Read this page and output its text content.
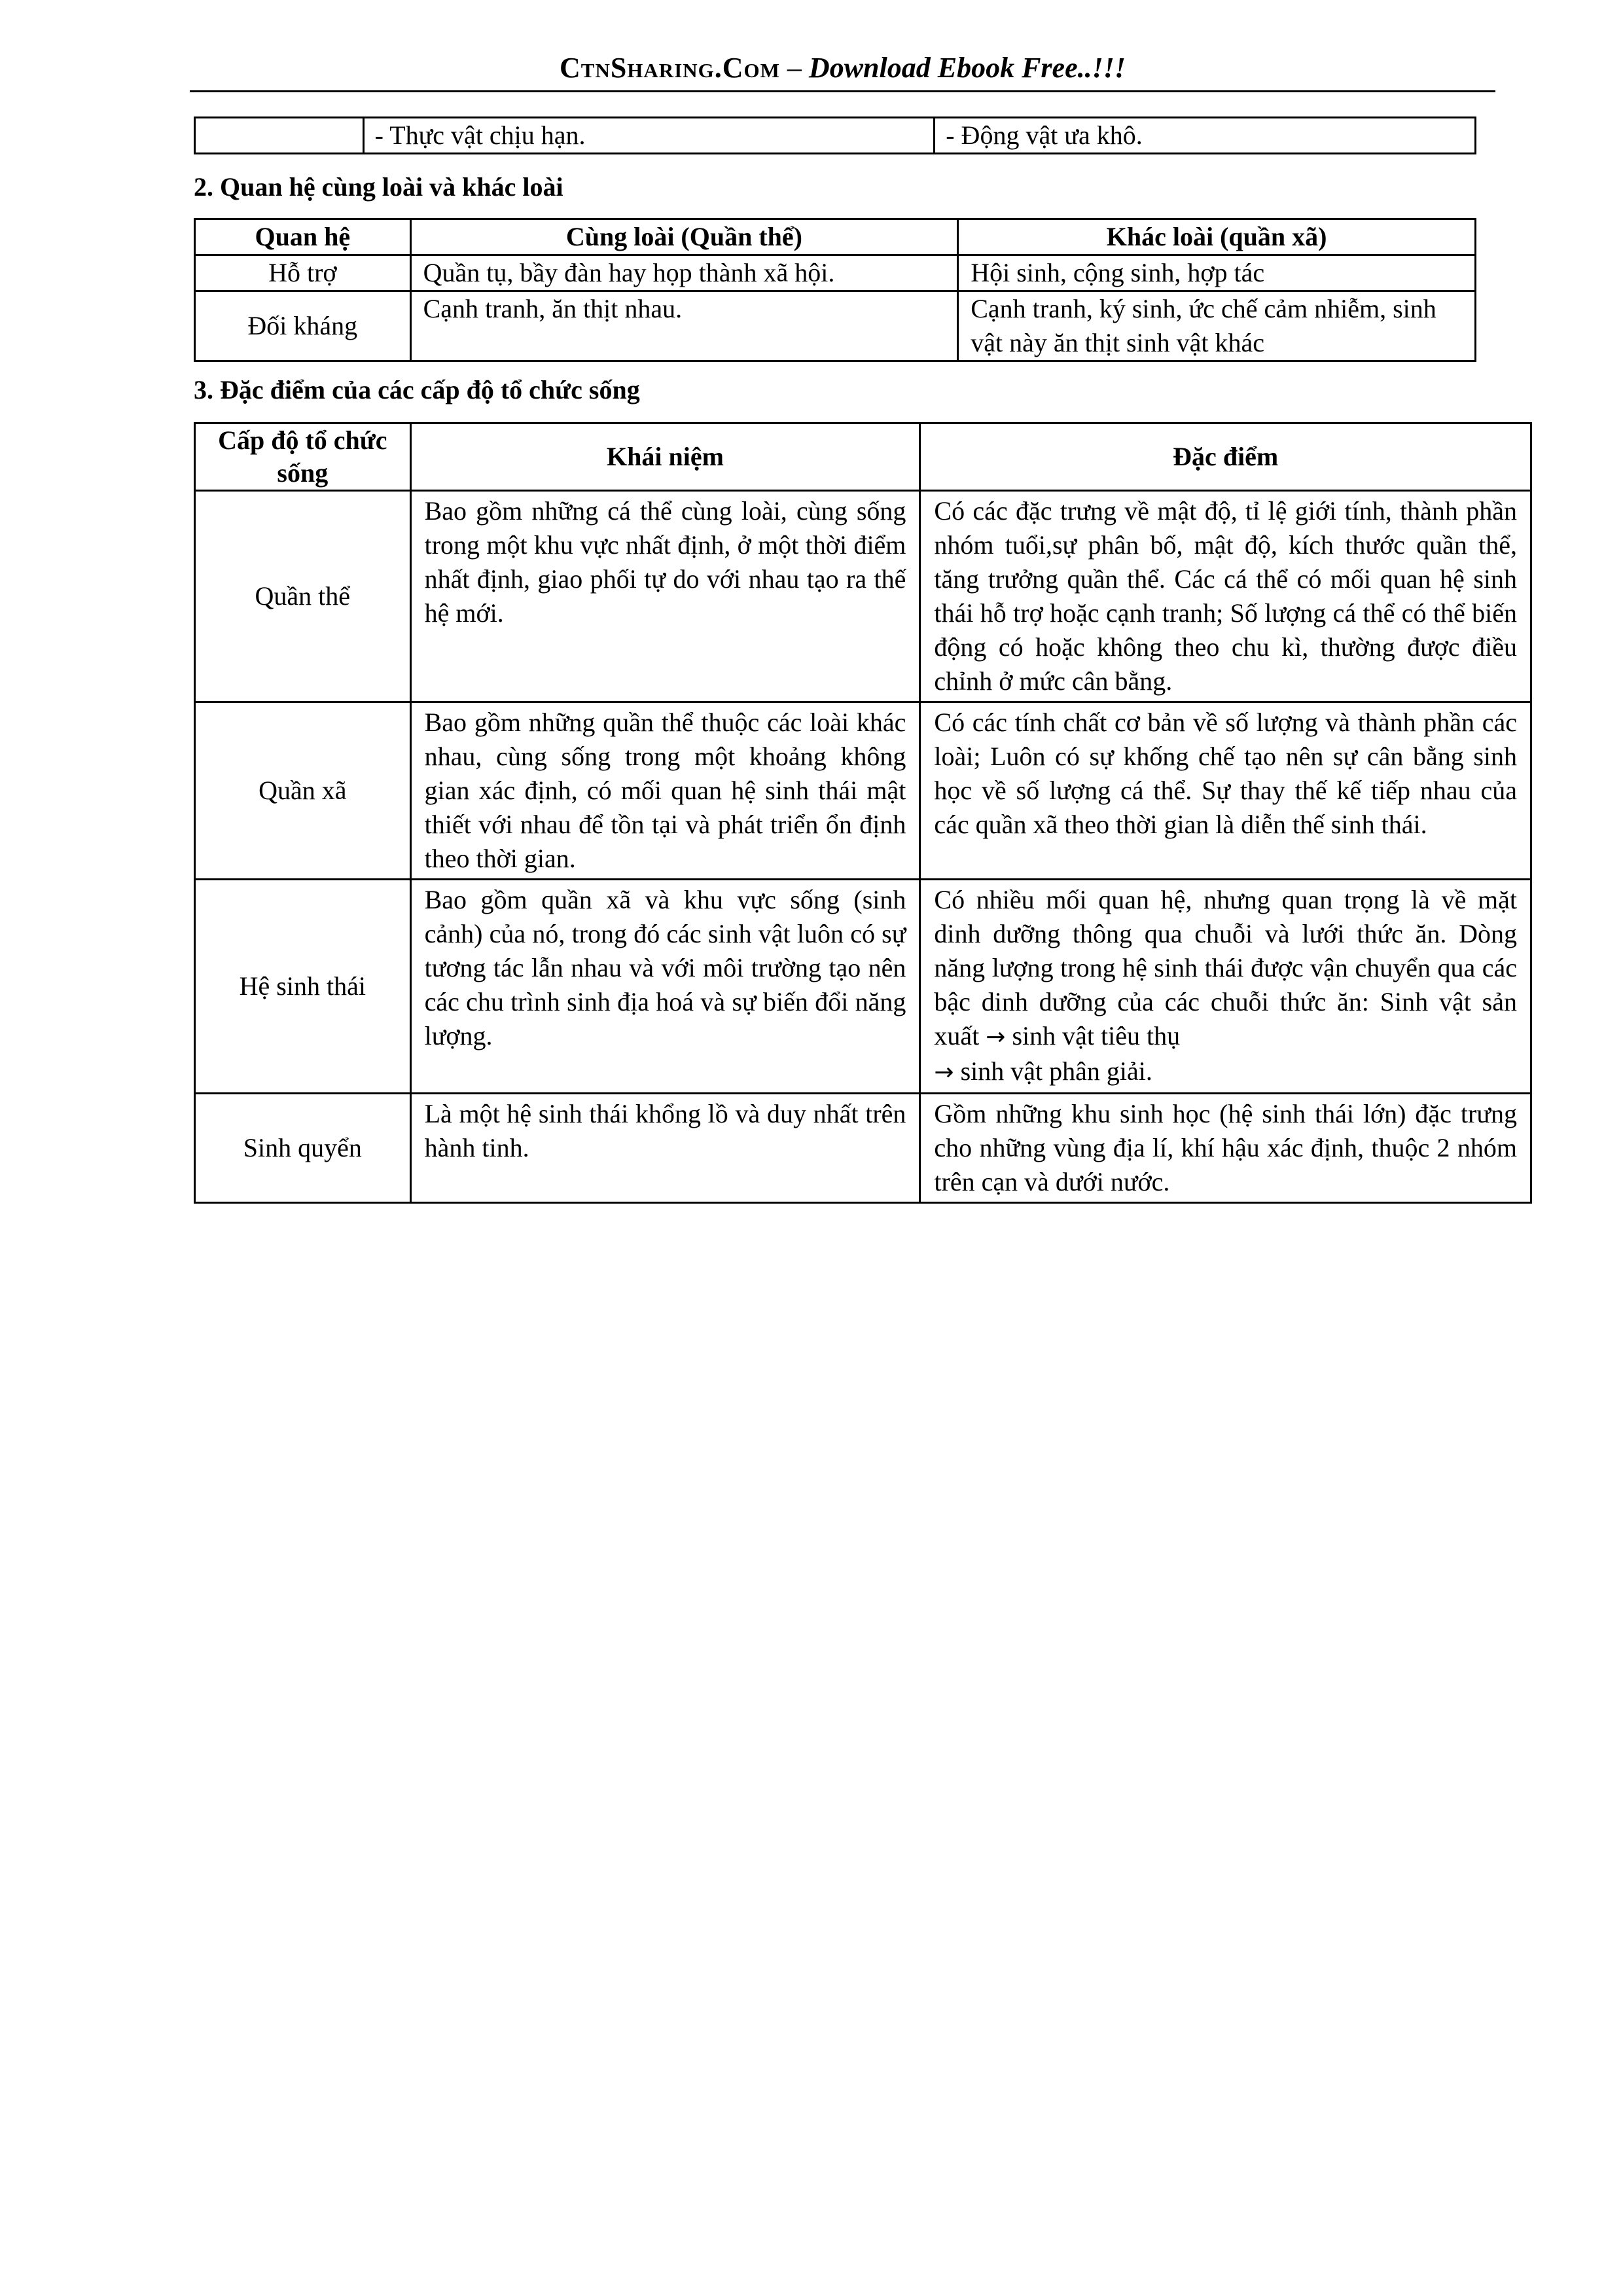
CtnSharing.Com – Download Ebook Free..!!!
	- Thực vật chịu hạn.	- Động vật ưa khô.
2. Quan hệ cùng loài và khác loài
Quan hệ	Cùng loài (Quần thể)	Khác loài (quần xã)
Hỗ trợ	Quần tụ, bầy đàn hay họp thành xã hội.	Hội sinh, cộng sinh, hợp tác
Đối kháng	Cạnh tranh, ăn thịt nhau.	Cạnh tranh, ký sinh, ức chế cảm nhiễm, sinh vật này ăn thịt sinh vật khác
3. Đặc điểm của các cấp độ tổ chức sống
Cấp độ tổ chức sống	Khái niệm	Đặc điểm
Quần thể	Bao gồm những cá thể cùng loài, cùng sống trong một khu vực nhất định, ở một thời điểm nhất định, giao phối tự do với nhau tạo ra thế hệ mới.	Có các đặc trưng về mật độ, tỉ lệ giới tính, thành phần nhóm tuổi,sự phân bố, mật độ, kích thước quần thể, tăng trưởng quần thể. Các cá thể có mối quan hệ sinh thái hỗ trợ hoặc cạnh tranh; Số lượng cá thể có thể biến động có hoặc không theo chu kì, thường được điều chỉnh ở mức cân bằng.
Quần xã	Bao gồm những quần thể thuộc các loài khác nhau, cùng sống trong một khoảng không gian xác định, có mối quan hệ sinh thái mật thiết với nhau để tồn tại và phát triển ổn định theo thời gian.	Có các tính chất cơ bản về số lượng và thành phần các loài; Luôn có sự khống chế tạo nên sự cân bằng sinh học về số lượng cá thể. Sự thay thế kế tiếp nhau của các quần xã theo thời gian là diễn thế sinh thái.
Hệ sinh thái	Bao gồm quần xã và khu vực sống (sinh cảnh) của nó, trong đó các sinh vật luôn có sự tương tác lẫn nhau và với môi trường tạo nên các chu trình sinh địa hoá và sự biến đổi năng lượng.	Có nhiều mối quan hệ, nhưng quan trọng là về mặt dinh dưỡng thông qua chuỗi và lưới thức ăn. Dòng năng lượng trong hệ sinh thái được vận chuyển qua các bậc dinh dưỡng của các chuỗi thức ăn: Sinh vật sản xuất → sinh vật tiêu thụ
→ sinh vật phân giải.
Sinh quyển	Là một hệ sinh thái khổng lồ và duy nhất trên hành tinh.	Gồm những khu sinh học (hệ sinh thái lớn) đặc trưng cho những vùng địa lí, khí hậu xác định, thuộc 2 nhóm trên cạn và dưới nước.
